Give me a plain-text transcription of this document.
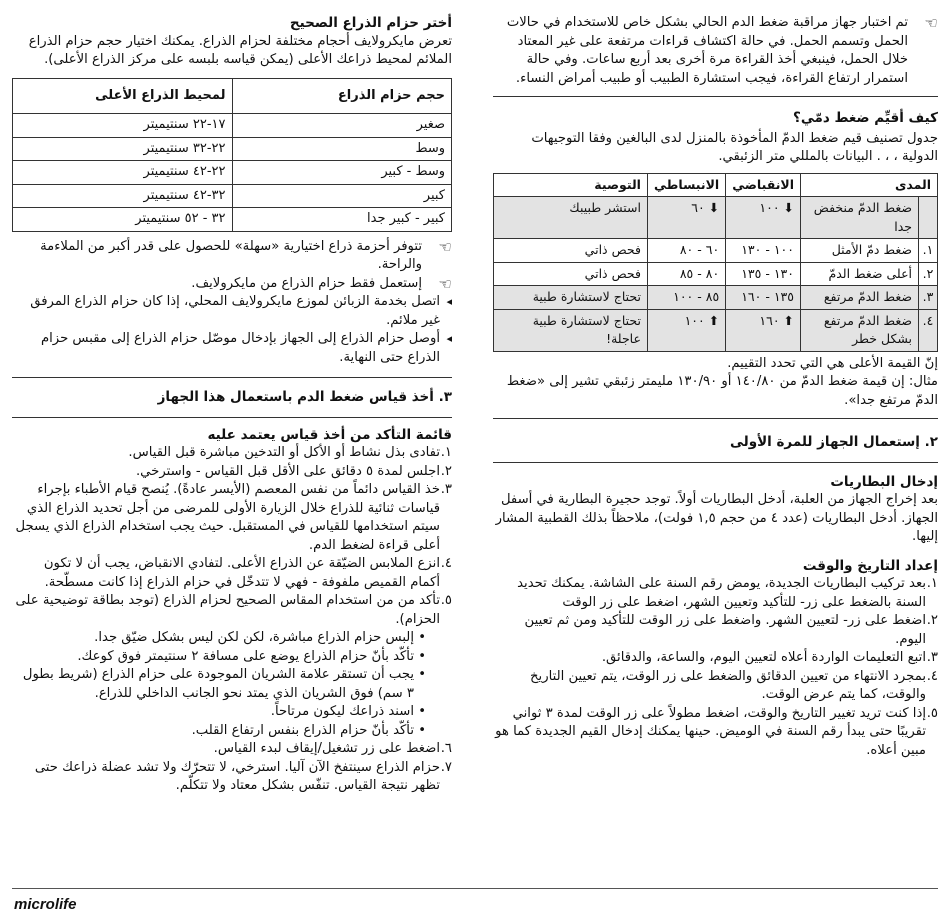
☜

تم اختبار جهاز مراقبة ضغط الدم الحالي بشكل خاص للاستخدام في حالات الحمل وتسمم الحمل. في حالة اكتشاف قراءات مرتفعة على غير المعتاد خلال الحمل، فينبغي أخذ القراءة مرة أخرى بعد أربع ساعات. وفي حالة استمرار ارتفاع القراءة، فيجب استشارة الطبيب أو طبيب أمراض النساء.

كيف أقيِّم ضغط دمّي؟

جدول تصنيف قيم ضغط الدمّ المأخوذة بالمنزل لدى البالغين وفقا التوجيهات

الدولية ، ، . البيانات بالمللي متر الزئبقي.

المدى		الانقباضي	الانبساطي	التوصية
	ضغط الدمّ منخفض جدا	⬇ ١٠٠	⬇ ٦٠	استشر طبيبك
١.	ضغط دمّ الأمثل	١٠٠ - ١٣٠	٦٠ - ٨٠	فحص ذاتي
٢.	أعلى ضغط الدمّ	١٣٠ - ١٣٥	٨٠ - ٨٥	فحص ذاتي
٣.	ضغط الدمّ مرتفع	١٣٥ - ١٦٠	٨٥ - ١٠٠	تحتاج لاستشارة طبية
٤.	ضغط الدمّ مرتفع بشكل خطر	⬆ ١٦٠	⬆ ١٠٠	تحتاج لاستشارة طبية عاجلة!

إنّ القيمة الأعلى هي التي تحدد التقييم.

مثال: إن قيمة ضغط الدمّ من ١٤٠/٨٠ أو ١٣٠/٩٠ مليمتر زئبقي تشير إلى «ضغط الدمّ مرتفع جدا».

٢. إستعمال الجهاز للمرة الأولى

إدخال البطاريات

بعد إخراج الجهاز من العلبة، أدخل البطاريات أولاً. توجد حجيرة البطارية في أسفل الجهاز. أدخل البطاريات (عدد ٤ من حجم ١,٥ فولت)، ملاحظاً بذلك القطبية المشار إليها.

إعداد التاريخ والوقت
١.
بعد تركيب البطاريات الجديدة، يومض رقم السنة على الشاشة. يمكنك تحديد السنة بالضغط على زر- للتأكيد وتعيين الشهر، اضغط على زر الوقت
٢.
اضغط على زر- لتعيين الشهر. واضغط على زر الوقت للتأكيد ومن ثم تعيين اليوم.
٣.
اتبع التعليمات الواردة أعلاه لتعيين اليوم، والساعة، والدقائق.
٤.
بمجرد الانتهاء من تعيين الدقائق والضغط على زر الوقت، يتم تعيين التاريخ والوقت، كما يتم عرض الوقت.
٥.
إذا كنت تريد تغيير التاريخ والوقت، اضغط مطولاً على زر الوقت لمدة ٣ ثواني تقريبًا حتى يبدأ رقم السنة في الوميض. حينها يمكنك إدخال القيم الجديدة كما هو مبين أعلاه.
أختر حزام الذراع الصحيح

تعرض مايكرولايف أحجام مختلفة لحزام الذراع. يمكنك اختيار حجم حزام الذراع الملائم لمحيط ذراعك الأعلى (يمكن قياسه بلبسه على مركز الذراع الأعلى).

حجم حزام الذراع	لمحيط الذراع الأعلى
صغير	١٧-٢٢ سنتيميتر
وسط	٢٢-٣٢ سنتيميتر
وسط - كبير	٢٢-٤٢ سنتيميتر
كبير	٣٢-٤٢ سنتيميتر
كبير - كبير جدا	٣٢ - ٥٢ سنتيميتر
☜

تتوفر أحزمة ذراع اختيارية «سهلة» للحصول على قدر أكبر من الملاءمة والراحة.

☜

إستعمل فقط حزام الذراع من مايكرولايف.

◂ اتصل بخدمة الزبائن لموزع مايكرولايف المحلي، إذا كان حزام الذراع المرفق غير ملائم.
◂ أوصل حزام الذراع إلى الجهاز بإدخال موصّل حزام الذراع إلى مقبس حزام الذراع حتى النهاية.

٣. أخذ قياس ضغط الدم باستعمال هذا الجهاز

قائمة التأكد من أخذ قياس يعتمد عليه
١.
تفادى بذل نشاط أو الأكل أو التدخين مباشرة قبل القياس.
٢.
اجلس لمدة ٥ دقائق على الأقل قبل القياس - واسترخي.
٣.
خذ القياس دائماً من نفس المعصم (الأيسر عادةً). يُنصح قيام الأطباء بإجراء قياسات ثنائية للذراع خلال الزيارة الأولى للمرضى من أجل تحديد الذراع الذي سيتم استخدامها للقياس في المستقبل. حيث يجب استخدام الذراع الذي يسجل أعلى قراءة لضغط الدم.
٤.
انزع الملابس الضيّقة عن الذراع الأعلى. لتفادي الانقباض، يجب أن لا تكون أكمام القميص ملفوفة - فهي لا تتدخّل في حزام الذراع إذا كانت مسطّحة.
٥.
تأكد من من استخدام المقاس الصحيح لحزام الذراع (توجد بطاقة توضيحية على الحزام).
• إلبس حزام الذراع مباشرة، لكن لكن ليس بشكل ضيّق جدا.
• تأكّد بأنّ حزام الذراع يوضع على مسافة ٢ سنتيمتر فوق كوعك.
• يجب أن تستقر علامة الشريان الموجودة على حزام الذراع (شريط بطول ٣ سم) فوق الشريان الذي يمتد نحو الجانب الداخلي للذراع.
• اسند ذراعك ليكون مرتاحاً.
• تأكّد بأنّ حزام الذراع بنفس ارتفاع القلب.
٦.
اضغط على زر تشغيل/إيقاف لبدء القياس.
٧.
حزام الذراع سينتفخ الآن آليا. استرخي، لا تتحرّك ولا تشد عضلة ذراعك حتى تظهر نتيجة القياس. تنفّس بشكل معتاد ولا تتكلّم.
microlife
